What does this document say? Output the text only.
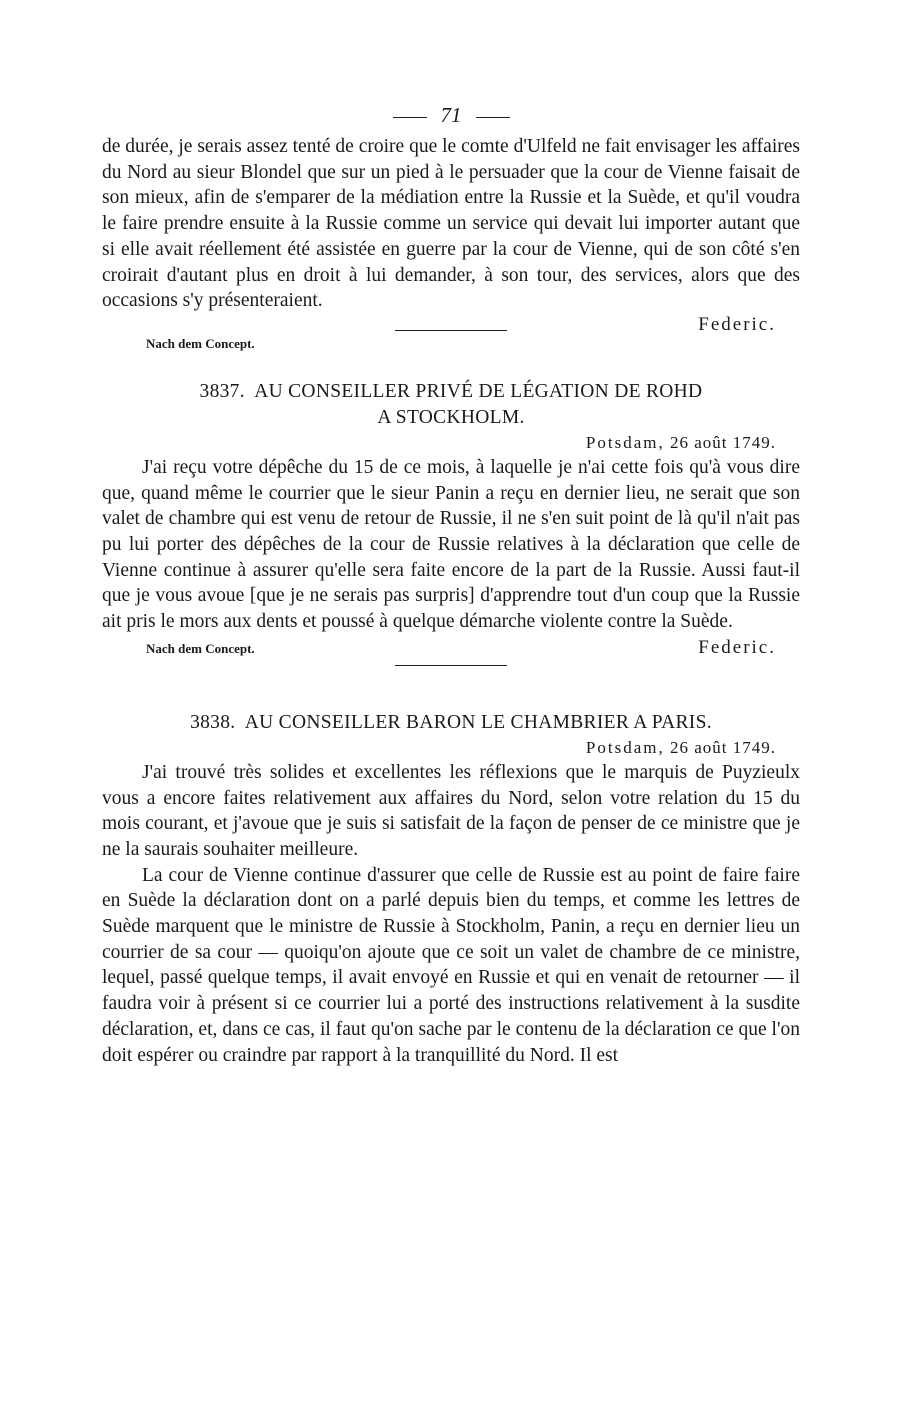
71

de durée, je serais assez tenté de croire que le comte d'Ulfeld ne fait envisager les affaires du Nord au sieur Blondel que sur un pied à le persuader que la cour de Vienne faisait de son mieux, afin de s'emparer de la médiation entre la Russie et la Suède, et qu'il voudra le faire prendre ensuite à la Russie comme un service qui devait lui importer autant que si elle avait réellement été assistée en guerre par la cour de Vienne, qui de son côté s'en croirait d'autant plus en droit à lui demander, à son tour, des services, alors que des occasions s'y présenteraient.

Federic.
Nach dem Concept.
3837. AU CONSEILLER PRIVÉ DE LÉGATION DE ROHD
A STOCKHOLM.
Potsdam, 26 août 1749.

J'ai reçu votre dépêche du 15 de ce mois, à laquelle je n'ai cette fois qu'à vous dire que, quand même le courrier que le sieur Panin a reçu en dernier lieu, ne serait que son valet de chambre qui est venu de retour de Russie, il ne s'en suit point de là qu'il n'ait pas pu lui porter des dépêches de la cour de Russie relatives à la déclaration que celle de Vienne continue à assurer qu'elle sera faite encore de la part de la Russie. Aussi faut-il que je vous avoue [que je ne serais pas surpris] d'apprendre tout d'un coup que la Russie ait pris le mors aux dents et poussé à quelque démarche violente contre la Suède.

Federic.
Nach dem Concept.
3838. AU CONSEILLER BARON LE CHAMBRIER A PARIS.
Potsdam, 26 août 1749.

J'ai trouvé très solides et excellentes les réflexions que le marquis de Puyzieulx vous a encore faites relativement aux affaires du Nord, selon votre relation du 15 du mois courant, et j'avoue que je suis si satisfait de la façon de penser de ce ministre que je ne la saurais souhaiter meilleure.

La cour de Vienne continue d'assurer que celle de Russie est au point de faire faire en Suède la déclaration dont on a parlé depuis bien du temps, et comme les lettres de Suède marquent que le ministre de Russie à Stockholm, Panin, a reçu en dernier lieu un courrier de sa cour — quoiqu'on ajoute que ce soit un valet de chambre de ce ministre, lequel, passé quelque temps, il avait envoyé en Russie et qui en venait de retourner — il faudra voir à présent si ce courrier lui a porté des instructions relativement à la susdite déclaration, et, dans ce cas, il faut qu'on sache par le contenu de la déclaration ce que l'on doit espérer ou craindre par rapport à la tranquillité du Nord. Il est
